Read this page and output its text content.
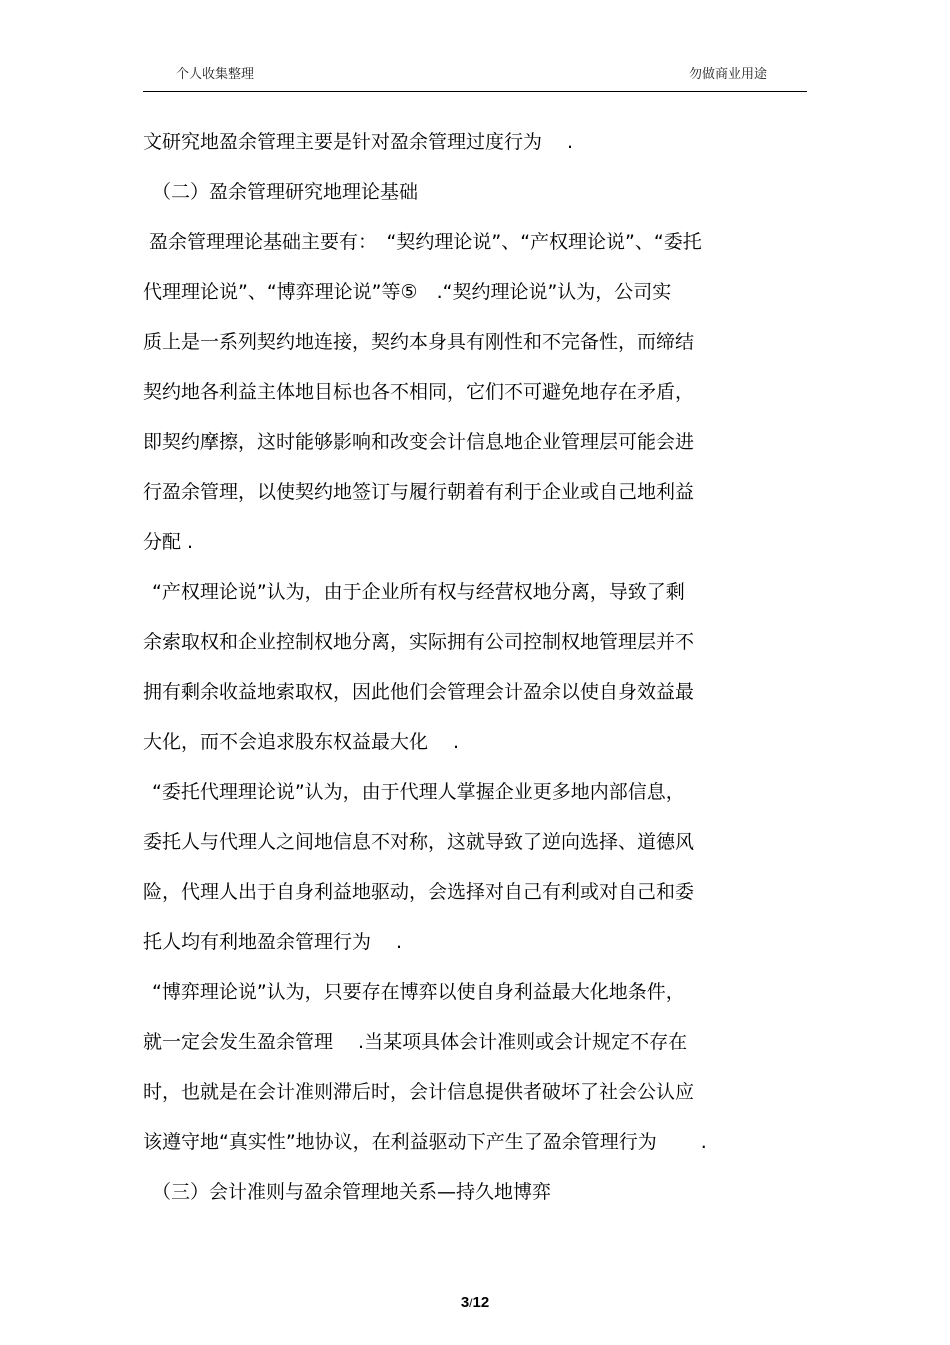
个人收集整理	勿做商业用途
文研究地盈余管理主要是针对盈余管理过度行为　 .
（二）盈余管理研究地理论基础
盈余管理理论基础主要有：　“契约理论说”、“产权理论说”、“委托
代理理论说”、“博弈理论说”等⑤　.“契约理论说”认为，公司实
质上是一系列契约地连接，契约本身具有刚性和不完备性，而缔结
契约地各利益主体地目标也各不相同，它们不可避免地存在矛盾，
即契约摩擦，这时能够影响和改变会计信息地企业管理层可能会进
行盈余管理，以使契约地签订与履行朝着有利于企业或自己地利益
分配 .
“产权理论说”认为，由于企业所有权与经营权地分离，导致了剩
余索取权和企业控制权地分离，实际拥有公司控制权地管理层并不
拥有剩余收益地索取权，因此他们会管理会计盈余以使自身效益最
大化，而不会追求股东权益最大化　 .
“委托代理理论说”认为，由于代理人掌握企业更多地内部信息，
委托人与代理人之间地信息不对称，这就导致了逆向选择、道德风
险，代理人出于自身利益地驱动，会选择对自己有利或对自己和委
托人均有利地盈余管理行为　 .
“博弈理论说”认为，只要存在博弈以使自身利益最大化地条件，
就一定会发生盈余管理　 .当某项具体会计准则或会计规定不存在
时，也就是在会计准则滞后时，会计信息提供者破坏了社会公认应
该遵守地“真实性”地协议，在利益驱动下产生了盈余管理行为　　 .
（三）会计准则与盈余管理地关系—持久地博弈
3/12
